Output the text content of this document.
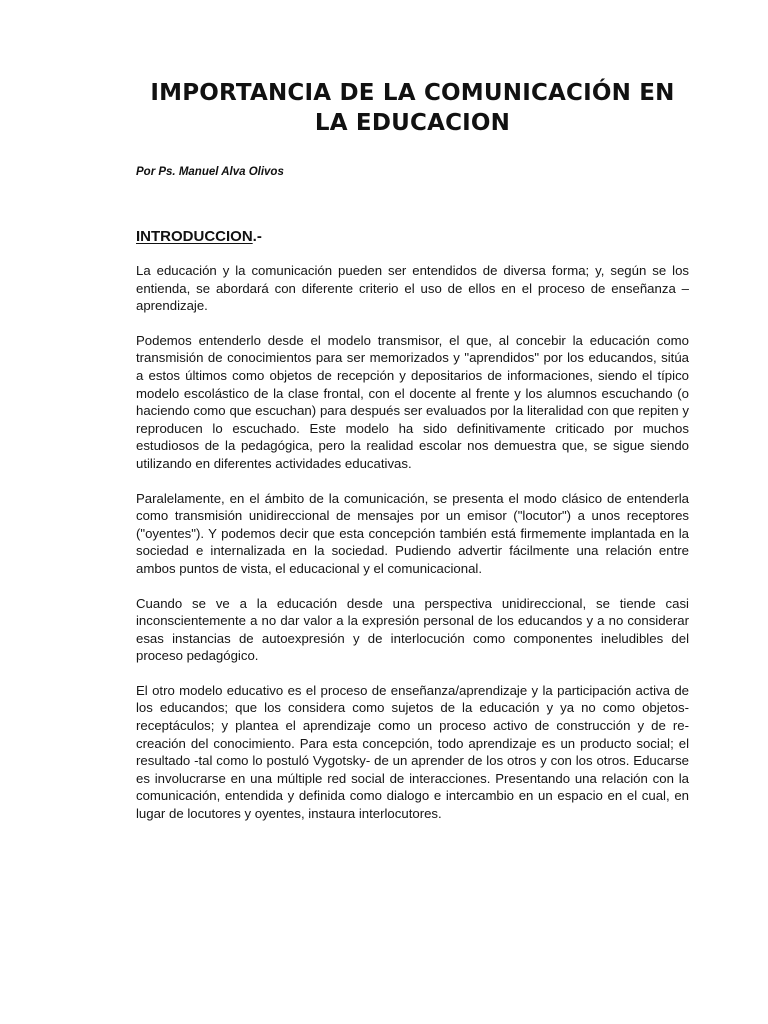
IMPORTANCIA DE LA COMUNICACIÓN EN
LA EDUCACION
Por Ps. Manuel Alva Olivos
INTRODUCCION.-

La educación y la comunicación pueden ser entendidos de diversa forma; y, según se los entienda, se abordará con diferente criterio el uso de ellos en el proceso de enseñanza – aprendizaje.

Podemos entenderlo desde el modelo transmisor, el que, al concebir la educación como transmisión de conocimientos para ser memorizados y "aprendidos" por los educandos, sitúa a estos últimos como objetos de recepción y depositarios de informaciones, siendo el típico modelo escolástico de la clase frontal, con el docente al frente y los alumnos escuchando (o haciendo como que escuchan) para después ser evaluados por la literalidad con que repiten y reproducen lo escuchado. Este modelo ha sido definitivamente criticado por muchos estudiosos de la pedagógica, pero la realidad escolar nos demuestra que, se sigue siendo utilizando en diferentes actividades educativas.

Paralelamente, en el ámbito de la comunicación, se presenta el modo clásico de entenderla como transmisión unidireccional de mensajes por un emisor ("locutor") a unos receptores ("oyentes"). Y podemos decir que esta concepción también está firmemente implantada en la sociedad e internalizada en la sociedad. Pudiendo advertir fácilmente una relación entre ambos puntos de vista, el educacional y el comunicacional.

Cuando se ve a la educación desde una perspectiva unidireccional, se tiende casi inconscientemente a no dar valor a la expresión personal de los educandos y a no considerar esas instancias de autoexpresión y de interlocución como componentes ineludibles del proceso pedagógico.

El otro modelo educativo es el proceso de enseñanza/aprendizaje y la participación activa de los educandos; que los considera como sujetos de la educación y ya no como objetos-receptáculos; y plantea el aprendizaje como un proceso activo de construcción y de re-creación del conocimiento. Para esta concepción, todo aprendizaje es un producto social; el resultado -tal como lo postuló Vygotsky- de un aprender de los otros y con los otros. Educarse es involucrarse en una múltiple red social de interacciones. Presentando una relación con la comunicación, entendida y definida como dialogo e intercambio en un espacio en el cual, en lugar de locutores y oyentes, instaura interlocutores.
